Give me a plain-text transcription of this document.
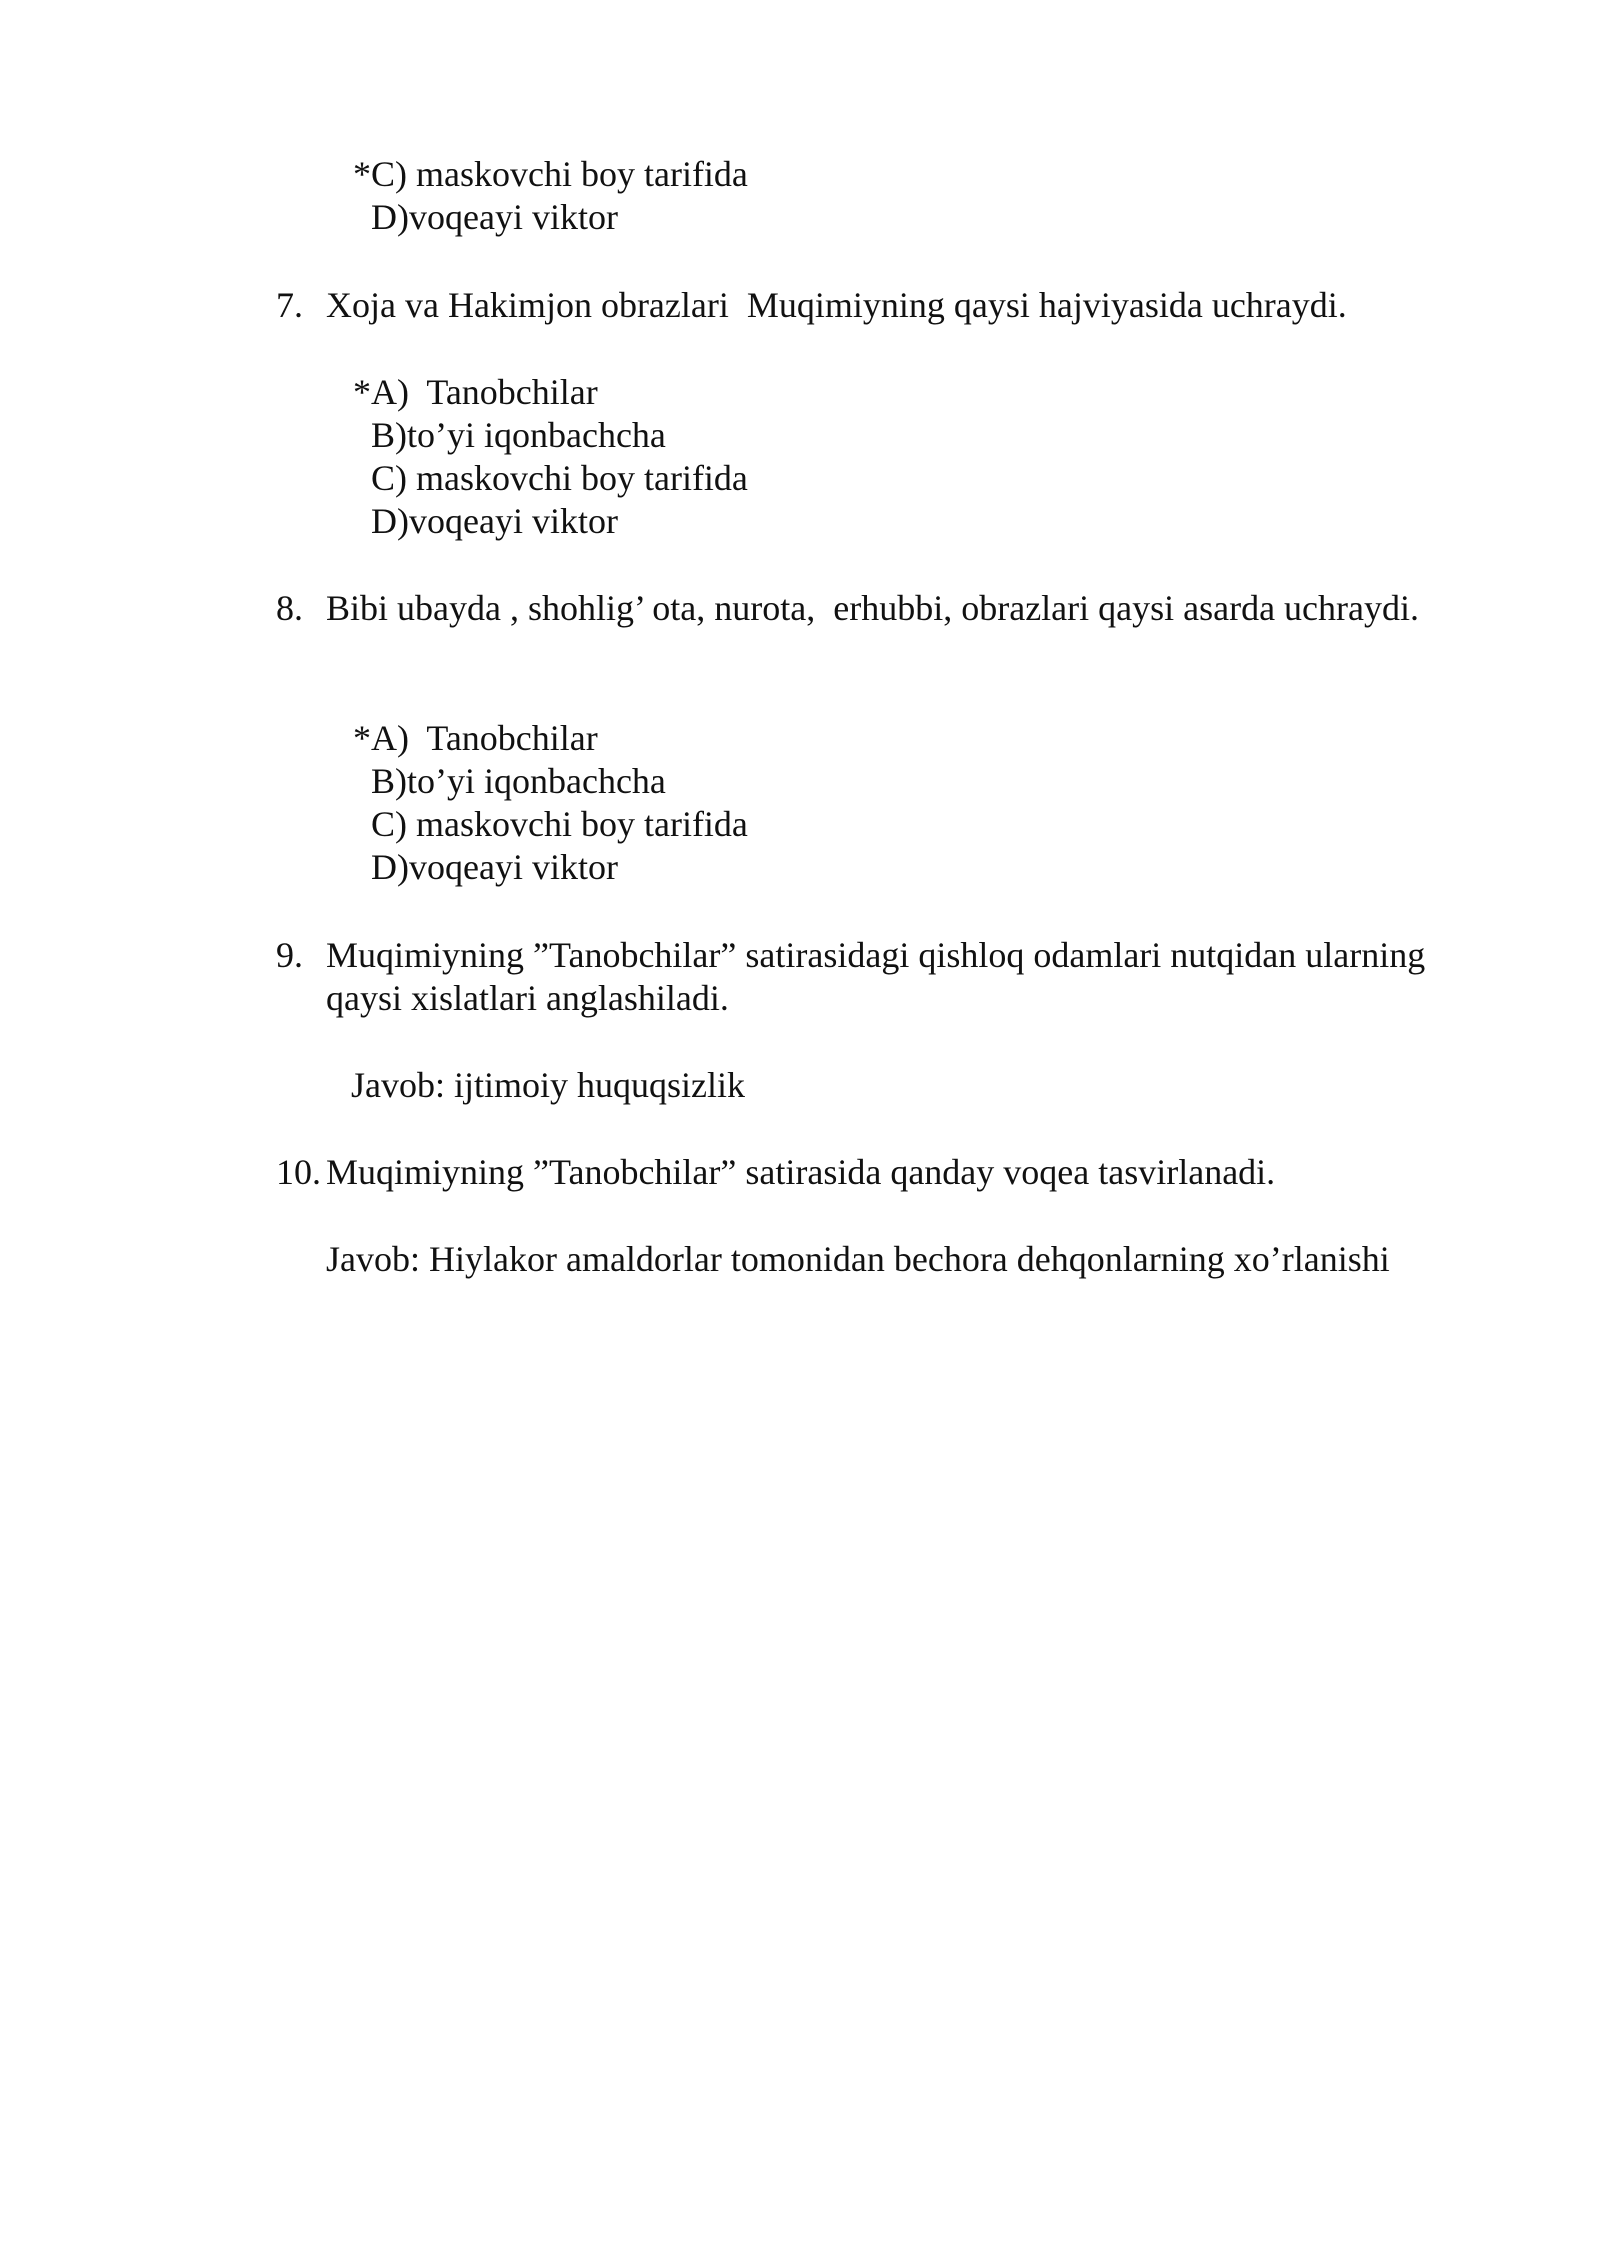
*C) maskovchi boy tarifida
D)voqeayi viktor
7. Xoja va Hakimjon obrazlari  Muqimiyning qaysi hajviyasida uchraydi.
*A)  Tanobchilar
B)to’yi iqonbachcha
C) maskovchi boy tarifida
D)voqeayi viktor
8. Bibi ubayda , shohlig’ ota, nurota,  erhubbi, obrazlari qaysi asarda uchraydi.
*A)  Tanobchilar
B)to’yi iqonbachcha
C) maskovchi boy tarifida
D)voqeayi viktor
9. Muqimiyning ”Tanobchilar” satirasidagi qishloq odamlari nutqidan ularning
qaysi xislatlari anglashiladi.
Javob: ijtimoiy huquqsizlik
10. Muqimiyning ”Tanobchilar” satirasida qanday voqea tasvirlanadi.
Javob: Hiylakor amaldorlar tomonidan bechora dehqonlarning xo’rlanishi
